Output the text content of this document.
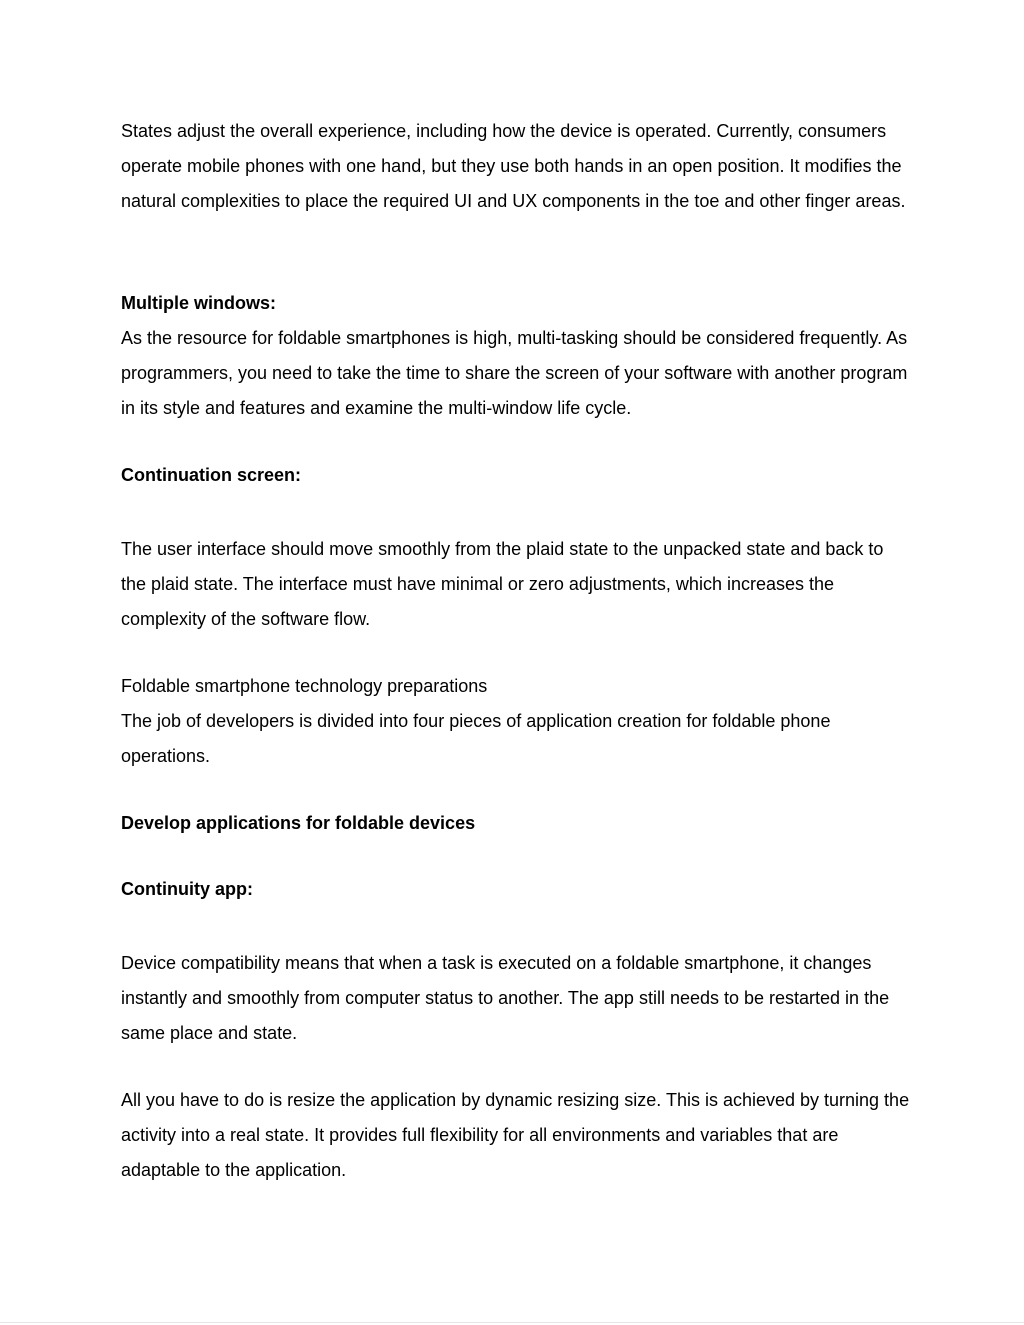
States adjust the overall experience, including how the device is operated. Currently, consumers operate mobile phones with one hand, but they use both hands in an open position. It modifies the natural complexities to place the required UI and UX components in the toe and other finger areas.

Multiple windows:

As the resource for foldable smartphones is high, multi-tasking should be considered frequently. As programmers, you need to take the time to share the screen of your software with another program in its style and features and examine the multi-window life cycle.

Continuation screen:

The user interface should move smoothly from the plaid state to the unpacked state and back to the plaid state. The interface must have minimal or zero adjustments, which increases the complexity of the software flow.

Foldable smartphone technology preparations

The job of developers is divided into four pieces of application creation for foldable phone operations.

Develop applications for foldable devices

Continuity app:

Device compatibility means that when a task is executed on a foldable smartphone, it changes instantly and smoothly from computer status to another. The app still needs to be restarted in the same place and state.

All you have to do is resize the application by dynamic resizing size. This is achieved by turning the activity into a real state. It provides full flexibility for all environments and variables that are adaptable to the application.
